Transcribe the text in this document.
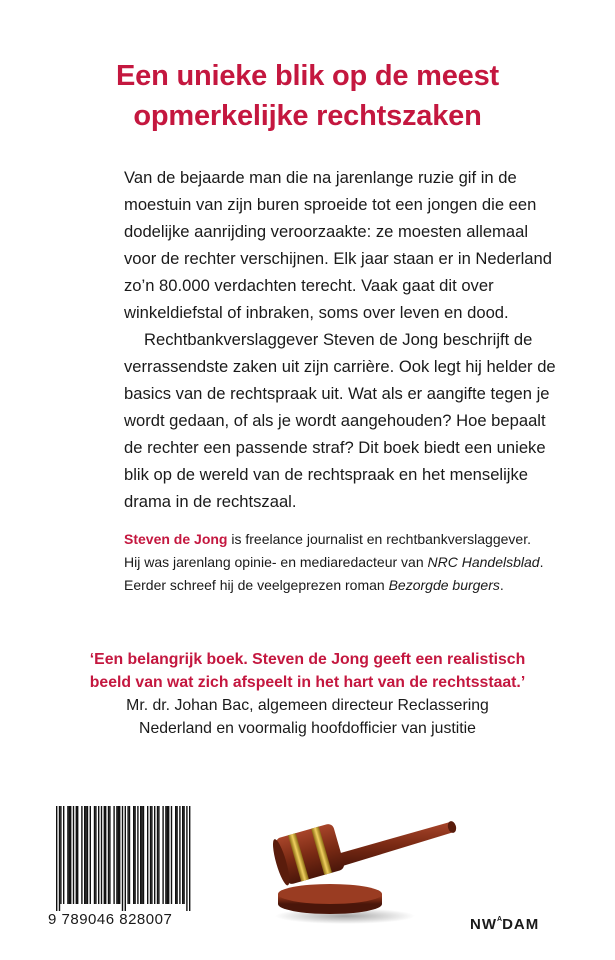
Een unieke blik op de meest
opmerkelijke rechtszaken

Van de bejaarde man die na jarenlange ruzie gif in de moestuin van zijn buren sproeide tot een jongen die een dodelijke aanrijding veroorzaakte: ze moesten allemaal voor de rechter verschijnen. Elk jaar staan er in Nederland zo’n 80.000 verdachten terecht. Vaak gaat dit over winkeldiefstal of inbraken, soms over leven en dood.

Rechtbankverslaggever Steven de Jong beschrijft de verrassendste zaken uit zijn carrière. Ook legt hij helder de basics van de rechtspraak uit. Wat als er aangifte tegen je wordt gedaan, of als je wordt aangehouden? Hoe bepaalt de rechter een passende straf? Dit boek biedt een unieke blik op de wereld van de rechtspraak en het menselijke drama in de rechtszaal.

Steven de Jong is freelance journalist en rechtbankverslaggever.
Hij was jarenlang opinie- en mediaredacteur van NRC Handelsblad.
Eerder schreef hij de veelgeprezen roman Bezorgde burgers.
‘Een belangrijk boek. Steven de Jong geeft een realistisch
beeld van wat zich afspeelt in het hart van de rechtsstaat.’
Mr. dr. Johan Bac, algemeen directeur Reclassering
Nederland en voormalig hoofdofficier van justitie
9 789046 828007	$NW^ADAM$
